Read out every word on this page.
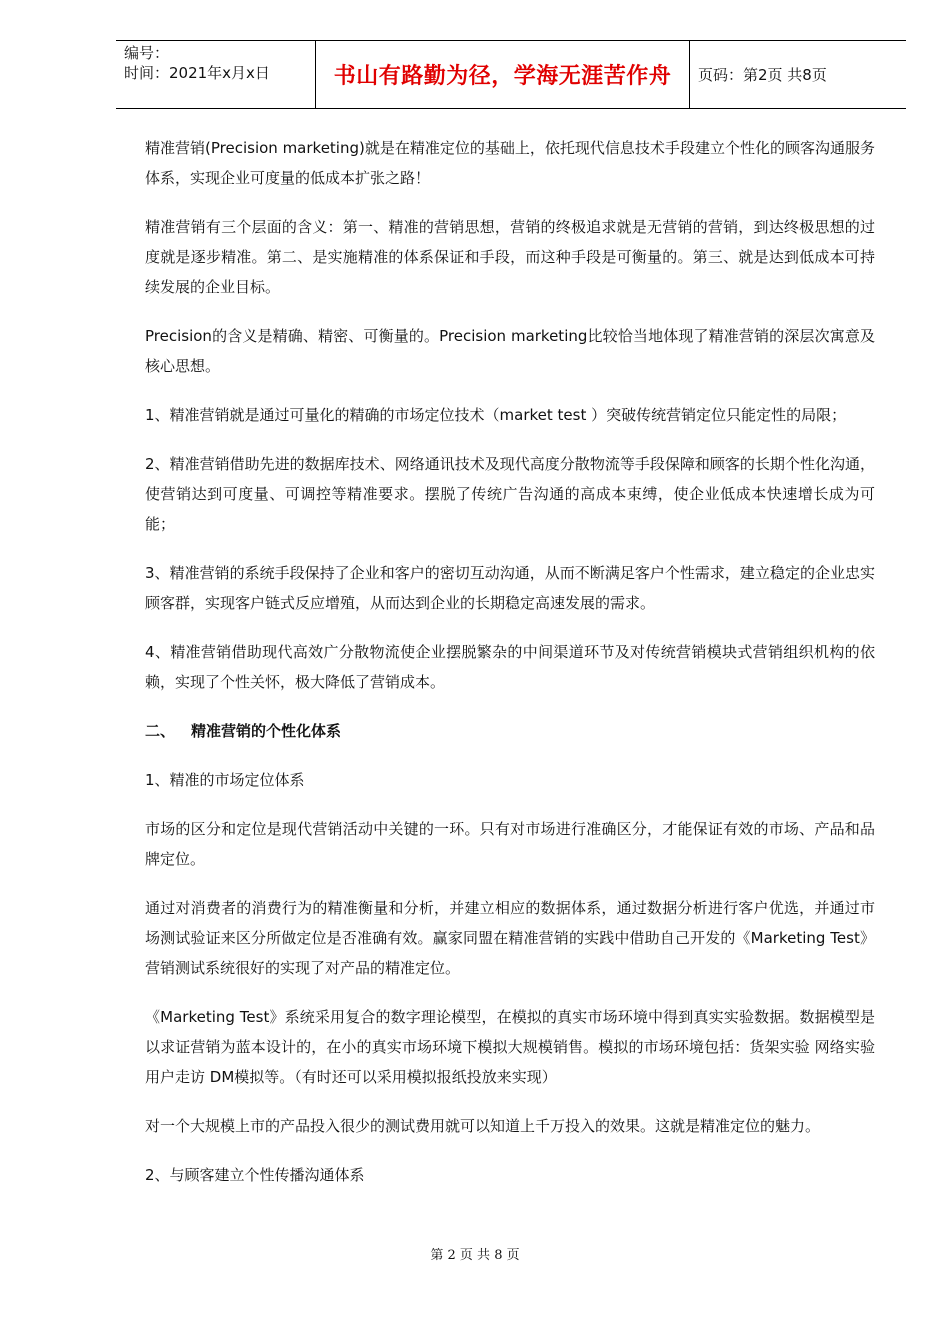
编号：
时间：2021年x月x日	书山有路勤为径，学海无涯苦作舟	页码：第2页 共8页

精准营销(Precision marketing)就是在精准定位的基础上，依托现代信息技术手段建立个性化的顾客沟通服务体系，实现企业可度量的低成本扩张之路！

精准营销有三个层面的含义：第一、精准的营销思想，营销的终极追求就是无营销的营销，到达终极思想的过度就是逐步精准。第二、是实施精准的体系保证和手段，而这种手段是可衡量的。第三、就是达到低成本可持续发展的企业目标。

Precision的含义是精确、精密、可衡量的。Precision marketing比较恰当地体现了精准营销的深层次寓意及核心思想。

1、精准营销就是通过可量化的精确的市场定位技术（market test ）突破传统营销定位只能定性的局限；

2、精准营销借助先进的数据库技术、网络通讯技术及现代高度分散物流等手段保障和顾客的长期个性化沟通，使营销达到可度量、可调控等精准要求。摆脱了传统广告沟通的高成本束缚，使企业低成本快速增长成为可能；

3、精准营销的系统手段保持了企业和客户的密切互动沟通，从而不断满足客户个性需求，建立稳定的企业忠实顾客群，实现客户链式反应增殖，从而达到企业的长期稳定高速发展的需求。

4、精准营销借助现代高效广分散物流使企业摆脱繁杂的中间渠道环节及对传统营销模块式营销组织机构的依赖，实现了个性关怀，极大降低了营销成本。

二、 精准营销的个性化体系

1、精准的市场定位体系

市场的区分和定位是现代营销活动中关键的一环。只有对市场进行准确区分，才能保证有效的市场、产品和品牌定位。

通过对消费者的消费行为的精准衡量和分析，并建立相应的数据体系，通过数据分析进行客户优选，并通过市场测试验证来区分所做定位是否准确有效。赢家同盟在精准营销的实践中借助自己开发的《Marketing Test》营销测试系统很好的实现了对产品的精准定位。

《Marketing Test》系统采用复合的数字理论模型，在模拟的真实市场环境中得到真实实验数据。数据模型是以求证营销为蓝本设计的，在小的真实市场环境下模拟大规模销售。模拟的市场环境包括：货架实验 网络实验 用户走访 DM模拟等。（有时还可以采用模拟报纸投放来实现）

对一个大规模上市的产品投入很少的测试费用就可以知道上千万投入的效果。这就是精准定位的魅力。

2、与顾客建立个性传播沟通体系

第 2 页 共 8 页
